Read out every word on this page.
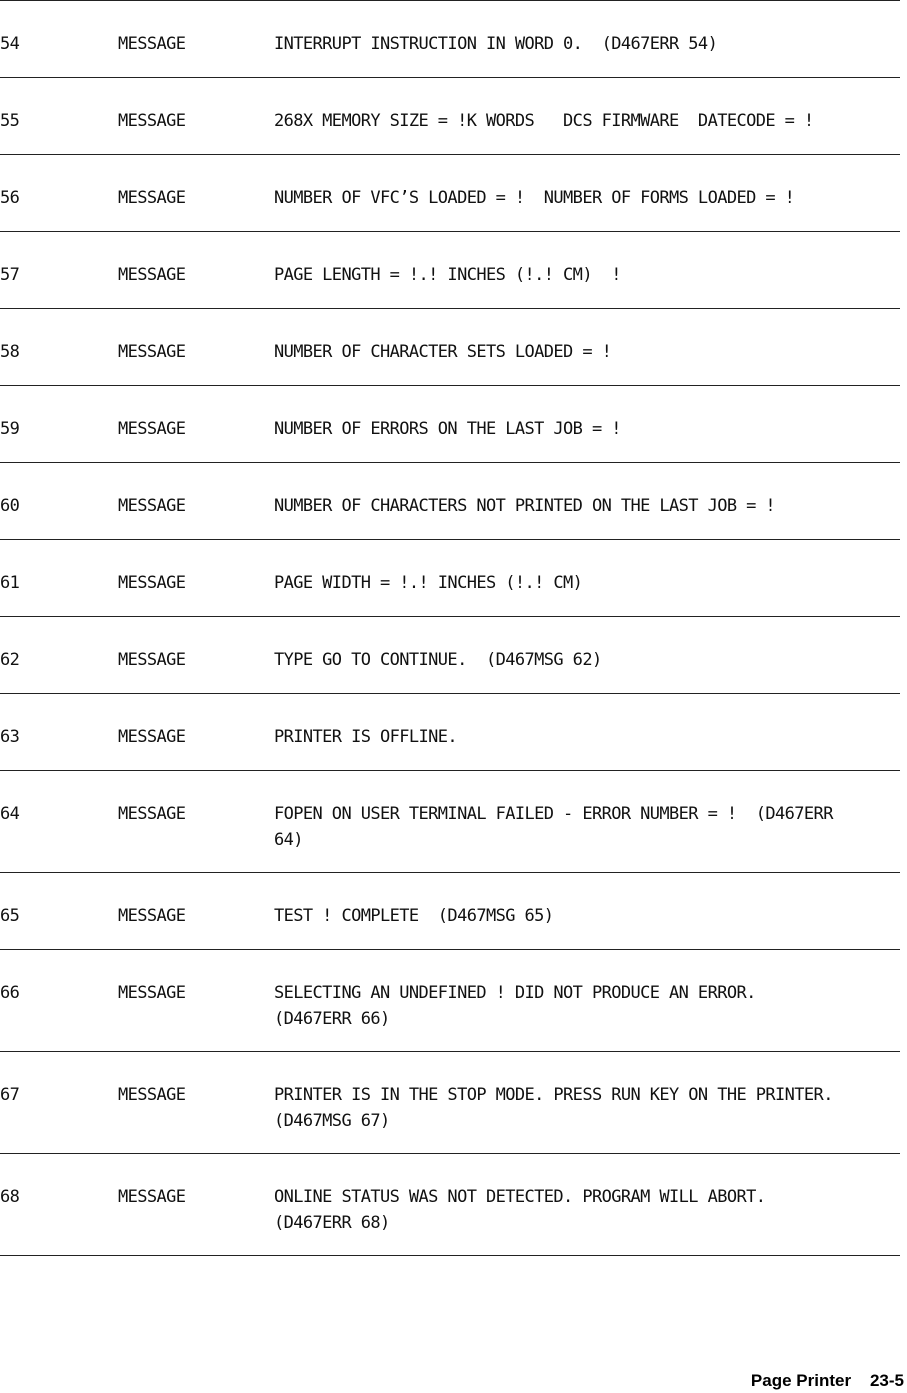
54	MESSAGE	INTERRUPT INSTRUCTION IN WORD 0.  (D467ERR 54)
55	MESSAGE	268X MEMORY SIZE = !K WORDS   DCS FIRMWARE  DATECODE = !
56	MESSAGE	NUMBER OF VFC’S LOADED = !  NUMBER OF FORMS LOADED = !
57	MESSAGE	PAGE LENGTH = !.! INCHES (!.! CM)  !
58	MESSAGE	NUMBER OF CHARACTER SETS LOADED = !
59	MESSAGE	NUMBER OF ERRORS ON THE LAST JOB = !
60	MESSAGE	NUMBER OF CHARACTERS NOT PRINTED ON THE LAST JOB = !
61	MESSAGE	PAGE WIDTH = !.! INCHES (!.! CM)
62	MESSAGE	TYPE GO TO CONTINUE.  (D467MSG 62)
63	MESSAGE	PRINTER IS OFFLINE.
64	MESSAGE	FOPEN ON USER TERMINAL FAILED - ERROR NUMBER = !  (D467ERR
64)
65	MESSAGE	TEST ! COMPLETE  (D467MSG 65)
66	MESSAGE	SELECTING AN UNDEFINED ! DID NOT PRODUCE AN ERROR.
(D467ERR 66)
67	MESSAGE	PRINTER IS IN THE STOP MODE. PRESS RUN KEY ON THE PRINTER.
(D467MSG 67)
68	MESSAGE	ONLINE STATUS WAS NOT DETECTED. PROGRAM WILL ABORT.
(D467ERR 68)
Page Printer 23-5
